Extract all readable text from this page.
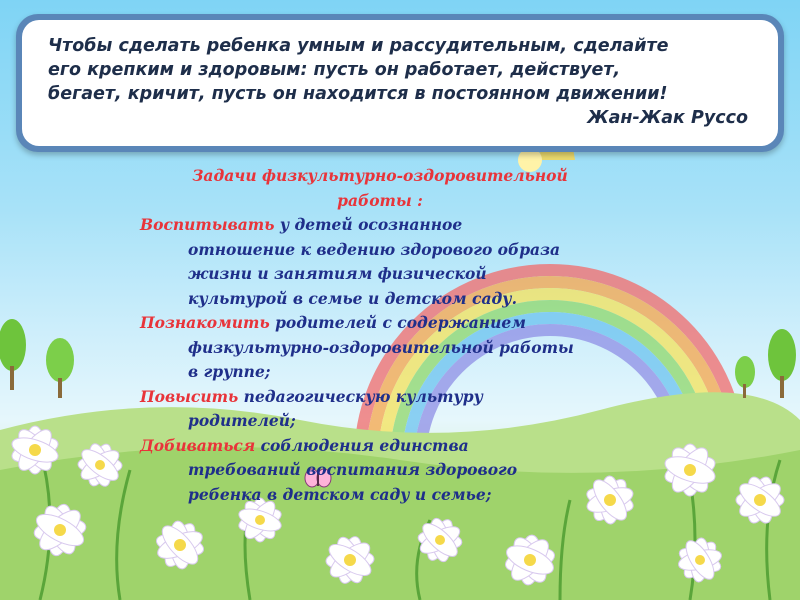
Чтобы сделать ребенка умным и рассудительным, сделайте
его крепким и здоровым: пусть он работает, действует,
бегает, кричит, пусть он находится в постоянном движении!

Жан-Жак Руссо

Задачи физкультурно-оздоровительной
работы :

Воспитывать у детей осознанное
отношение к ведению здорового образа
жизни и занятиям физической
культурой в семье и детском саду.

Познакомить родителей с содержанием
физкультурно-оздоровительной работы
в группе;

Повысить педагогическую культуру
родителей;

Добиваться соблюдения единства
требований воспитания здорового
ребенка в детском саду и семье;
